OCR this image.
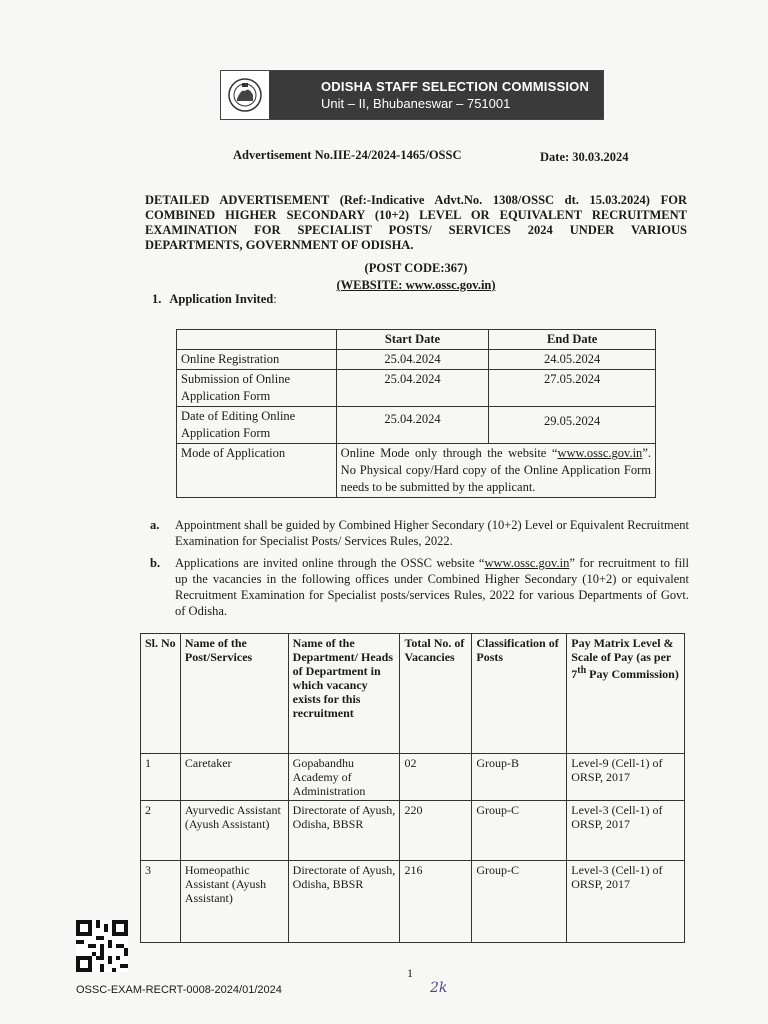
ODISHA STAFF SELECTION COMMISSION
Unit – II, Bhubaneswar – 751001
Advertisement No.IIE-24/2024-1465/OSSC	Date: 30.03.2024
DETAILED ADVERTISEMENT (Ref:-Indicative Advt.No. 1308/OSSC dt. 15.03.2024) FOR COMBINED HIGHER SECONDARY (10+2) LEVEL OR EQUIVALENT RECRUITMENT EXAMINATION FOR SPECIALIST POSTS/ SERVICES 2024 UNDER VARIOUS DEPARTMENTS, GOVERNMENT OF ODISHA.
(POST CODE:367)
(WEBSITE: www.ossc.gov.in)
1. Application Invited:
	Start Date	End Date
Online Registration	25.04.2024	24.05.2024
Submission of Online Application Form	25.04.2024	27.05.2024
Date of Editing Online Application Form	25.04.2024	29.05.2024
Mode of Application	Online Mode only through the website “www.ossc.gov.in”. No Physical copy/Hard copy of the Online Application Form needs to be submitted by the applicant.	
a.	Appointment shall be guided by Combined Higher Secondary (10+2) Level or Equivalent Recruitment Examination for Specialist Posts/ Services Rules, 2022.
b.	Applications are invited online through the OSSC website “www.ossc.gov.in” for recruitment to fill up the vacancies in the following offices under Combined Higher Secondary (10+2) or equivalent Recruitment Examination for Specialist posts/services Rules, 2022 for various Departments of Govt. of Odisha.
Sl. No	Name of the Post/Services	Name of the Department/ Heads of Department in which vacancy exists for this recruitment	Total No. of Vacancies	Classification of Posts	Pay Matrix Level & Scale of Pay (as per 7th Pay Commission)
1	Caretaker	Gopabandhu Academy of Administration	02	Group-B	Level-9 (Cell-1) of ORSP, 2017
2	Ayurvedic Assistant (Ayush Assistant)	Directorate of Ayush, Odisha, BBSR	220	Group-C	Level-3 (Cell-1) of ORSP, 2017
3	Homeopathic Assistant (Ayush Assistant)	Directorate of Ayush, Odisha, BBSR	216	Group-C	Level-3 (Cell-1) of ORSP, 2017
1
OSSC-EXAM-RECRT-0008-2024/01/2024	2k
